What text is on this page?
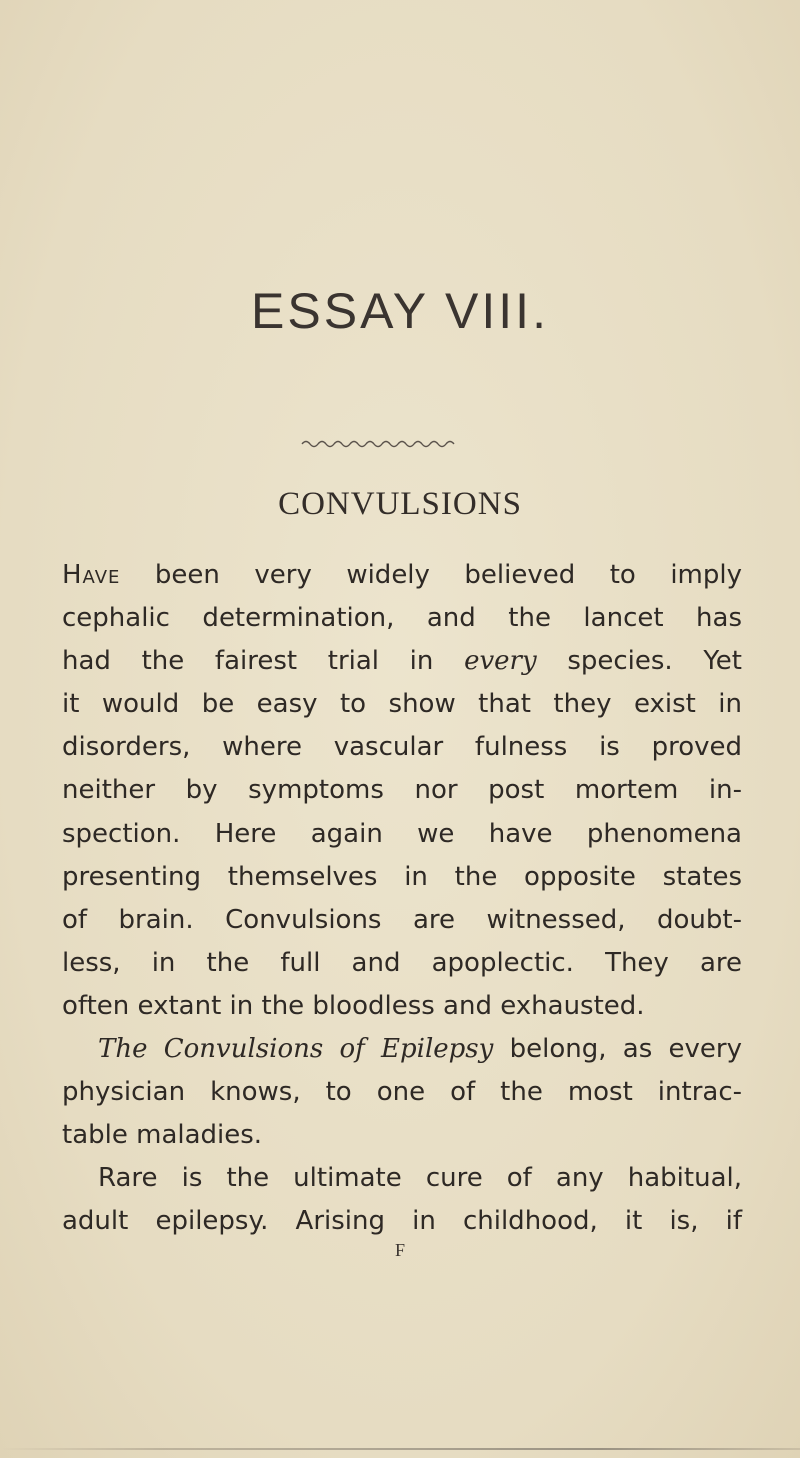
ESSAY VIII.
CONVULSIONS
Have been very widely believed to imply
cephalic determination, and the lancet has
had the fairest trial in every species. Yet
it would be easy to show that they exist in
disorders, where vascular fulness is proved
neither by symptoms nor post mortem in-
spection. Here again we have phenomena
presenting themselves in the opposite states
of brain. Convulsions are witnessed, doubt-
less, in the full and apoplectic. They are
often extant in the bloodless and exhausted.
The Convulsions of Epilepsy belong, as every
physician knows, to one of the most intrac-
table maladies.
Rare is the ultimate cure of any habitual,
adult epilepsy. Arising in childhood, it is, if
F
